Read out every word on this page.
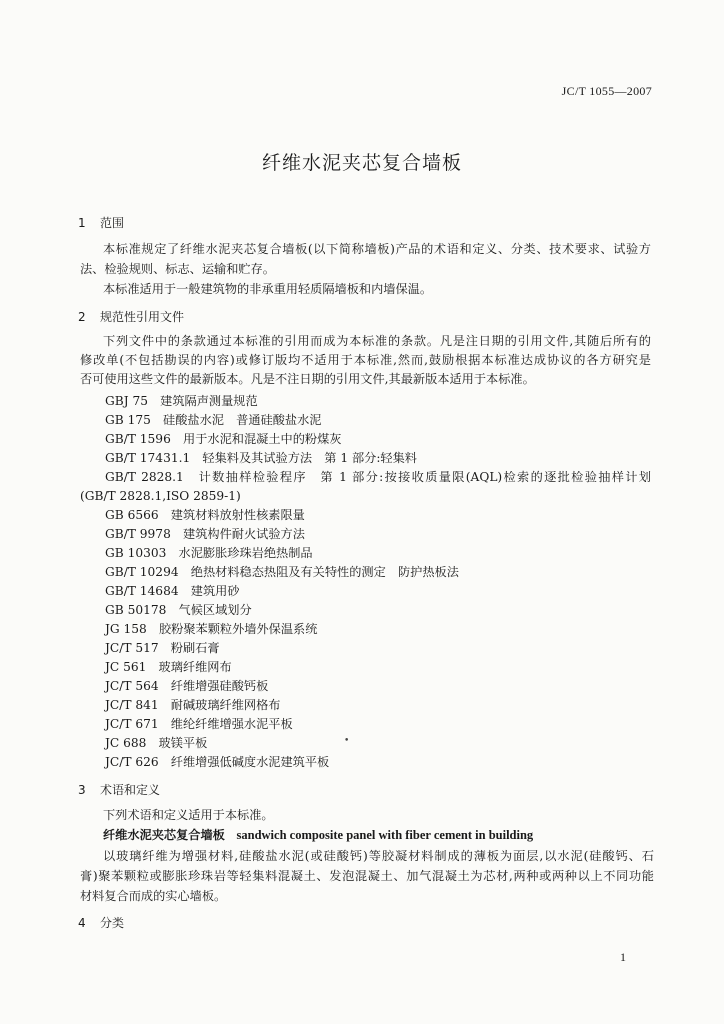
JC/T 1055—2007
纤维水泥夹芯复合墙板
1 范围
本标准规定了纤维水泥夹芯复合墙板(以下简称墙板)产品的术语和定义、分类、技术要求、试验方
法、检验规则、标志、运输和贮存。
本标准适用于一般建筑物的非承重用轻质隔墙板和内墙保温。
2 规范性引用文件
下列文件中的条款通过本标准的引用而成为本标准的条款。凡是注日期的引用文件,其随后所有的
修改单(不包括勘误的内容)或修订版均不适用于本标准,然而,鼓励根据本标准达成协议的各方研究是
否可使用这些文件的最新版本。凡是不注日期的引用文件,其最新版本适用于本标准。
GBJ 75　建筑隔声测量规范
GB 175　硅酸盐水泥　普通硅酸盐水泥
GB/T 1596　用于水泥和混凝土中的粉煤灰
GB/T 17431.1　轻集料及其试验方法　第 1 部分:轻集料
GB/T 2828.1　计数抽样检验程序　第 1 部分:按接收质量限(AQL)检索的逐批检验抽样计划
(GB/T 2828.1,ISO 2859-1)
GB 6566　建筑材料放射性核素限量
GB/T 9978　建筑构件耐火试验方法
GB 10303　水泥膨胀珍珠岩绝热制品
GB/T 10294　绝热材料稳态热阻及有关特性的测定　防护热板法
GB/T 14684　建筑用砂
GB 50178　气候区域划分
JG 158　胶粉聚苯颗粒外墙外保温系统
JC/T 517　粉刷石膏
JC 561　玻璃纤维网布
JC/T 564　纤维增强硅酸钙板
JC/T 841　耐碱玻璃纤维网格布
JC/T 671　维纶纤维增强水泥平板
JC 688　玻镁平板
JC/T 626　纤维增强低碱度水泥建筑平板
•
3 术语和定义
下列术语和定义适用于本标准。
纤维水泥夹芯复合墙板 sandwich composite panel with fiber cement in building
以玻璃纤维为增强材料,硅酸盐水泥(或硅酸钙)等胶凝材料制成的薄板为面层,以水泥(硅酸钙、石
膏)聚苯颗粒或膨胀珍珠岩等轻集料混凝土、发泡混凝土、加气混凝土为芯材,两种或两种以上不同功能
材料复合而成的实心墙板。
4 分类
1
